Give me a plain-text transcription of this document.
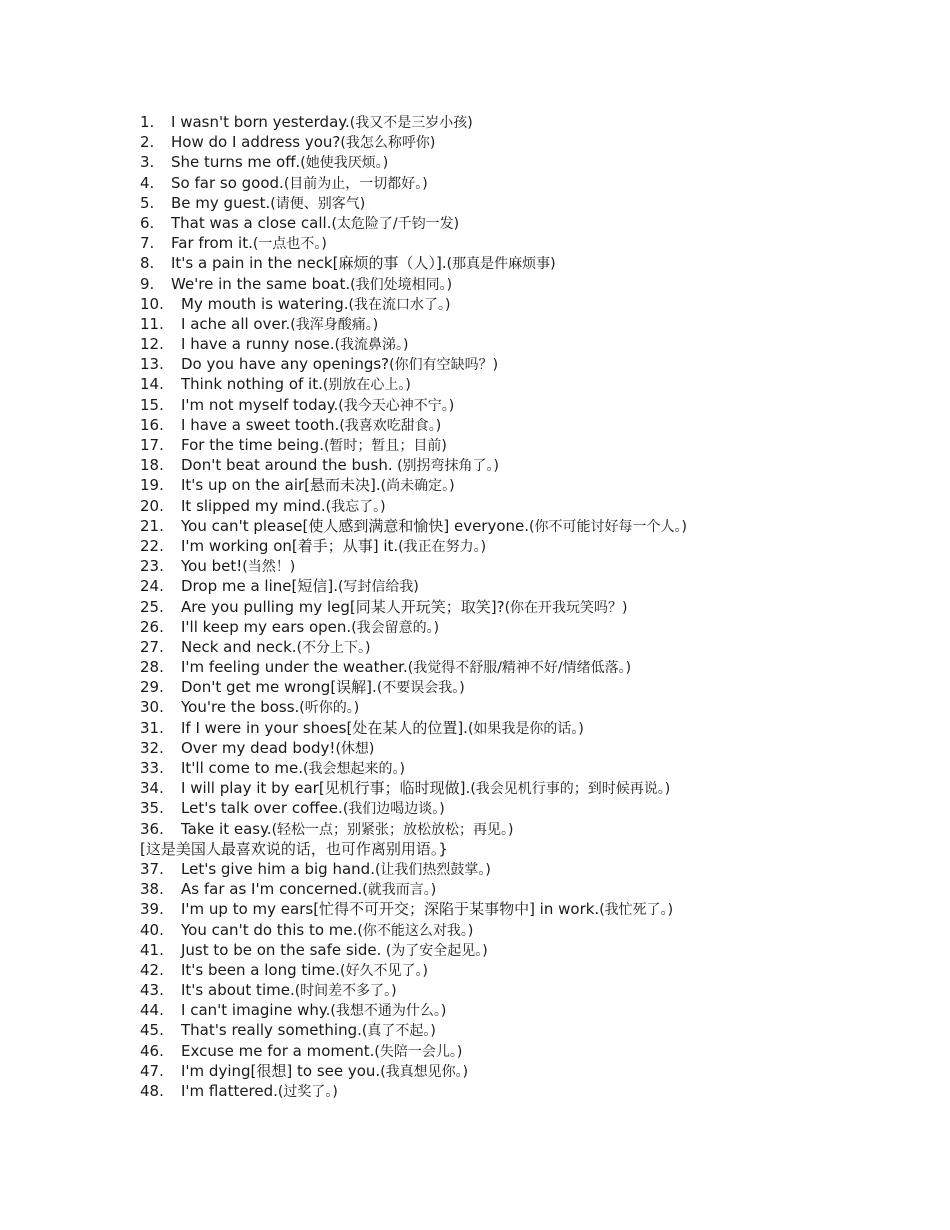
1. I wasn't born yesterday.(我又不是三岁小孩)
2. How do I address you?(我怎么称呼你)
3. She turns me off.(她使我厌烦。)
4. So far so good.(目前为止，一切都好。)
5. Be my guest.(请便、别客气)
6. That was a close call.(太危险了/千钧一发)
7. Far from it.(一点也不。)
8. It's a pain in the neck[麻烦的事（人）].(那真是件麻烦事)
9. We're in the same boat.(我们处境相同。)
10. My mouth is watering.(我在流口水了。)
11. I ache all over.(我浑身酸痛。)
12. I have a runny nose.(我流鼻涕。)
13. Do you have any openings?(你们有空缺吗？)
14. Think nothing of it.(别放在心上。)
15. I'm not myself today.(我今天心神不宁。)
16. I have a sweet tooth.(我喜欢吃甜食。)
17. For the time being.(暂时；暂且；目前)
18. Don't beat around the bush. (别拐弯抹角了。)
19. It's up on the air[悬而未决].(尚未确定。)
20. It slipped my mind.(我忘了。)
21. You can't please[使人感到满意和愉快] everyone.(你不可能讨好每一个人。)
22. I'm working on[着手；从事] it.(我正在努力。)
23. You bet!(当然！)
24. Drop me a line[短信].(写封信给我)
25. Are you pulling my leg[同某人开玩笑；取笑]?(你在开我玩笑吗？)
26. I'll keep my ears open.(我会留意的。)
27. Neck and neck.(不分上下。)
28. I'm feeling under the weather.(我觉得不舒服/精神不好/情绪低落。)
29. Don't get me wrong[误解].(不要误会我。)
30. You're the boss.(听你的。)
31. If I were in your shoes[处在某人的位置].(如果我是你的话。)
32. Over my dead body!(休想)
33. It'll come to me.(我会想起来的。)
34. I will play it by ear[见机行事；临时现做].(我会见机行事的；到时候再说。)
35. Let's talk over coffee.(我们边喝边谈。)
36. Take it easy.(轻松一点；别紧张；放松放松；再见。)
[这是美国人最喜欢说的话，也可作离别用语。}
37. Let's give him a big hand.(让我们热烈鼓掌。)
38. As far as I'm concerned.(就我而言。)
39. I'm up to my ears[忙得不可开交；深陷于某事物中] in work.(我忙死了。)
40. You can't do this to me.(你不能这么对我。)
41. Just to be on the safe side. (为了安全起见。)
42. It's been a long time.(好久不见了。)
43. It's about time.(时间差不多了。)
44. I can't imagine why.(我想不通为什么。)
45. That's really something.(真了不起。)
46. Excuse me for a moment.(失陪一会儿。)
47. I'm dying[很想] to see you.(我真想见你。)
48. I'm flattered.(过奖了。)
